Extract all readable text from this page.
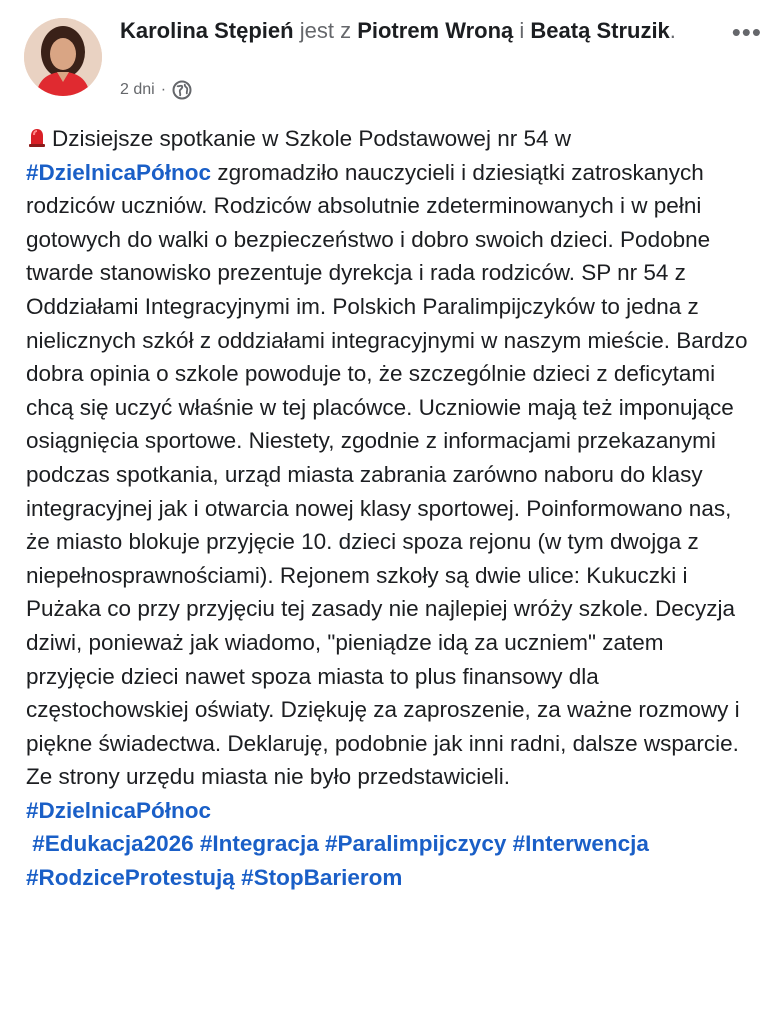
Karolina Stępień jest z Piotrem Wroną i Beatą Struzik.
2 dni ·
•••

Dzisiejsze spotkanie w Szkole Podstawowej nr 54 w #DzielnicaPółnoc zgromadziło nauczycieli i dziesiątki zatroskanych rodziców uczniów. Rodziców absolutnie zdeterminowanych i w pełni gotowych do walki o bezpieczeństwo i dobro swoich dzieci. Podobne twarde stanowisko prezentuje dyrekcja i rada rodziców. SP nr 54 z Oddziałami Integracyjnymi im. Polskich Paralimpijczyków to jedna z nielicznych szkół z oddziałami integracyjnymi w naszym mieście. Bardzo dobra opinia o szkole powoduje to, że szczególnie dzieci z deficytami chcą się uczyć właśnie w tej placówce. Uczniowie mają też imponujące osiągnięcia sportowe. Niestety, zgodnie z informacjami przekazanymi podczas spotkania, urząd miasta zabrania zarówno naboru do klasy integracyjnej jak i otwarcia nowej klasy sportowej. Poinformowano nas, że miasto blokuje przyjęcie 10. dzieci spoza rejonu (w tym dwojga z niepełnosprawnościami). Rejonem szkoły są dwie ulice: Kukuczki i Pużaka co przy przyjęciu tej zasady nie najlepiej wróży szkole. Decyzja dziwi, ponieważ jak wiadomo, "pieniądze idą za uczniem" zatem przyjęcie dzieci nawet spoza miasta to plus finansowy dla częstochowskiej oświaty. Dziękuję za zaproszenie, za ważne rozmowy i piękne świadectwa. Deklaruję, podobnie jak inni radni, dalsze wsparcie. Ze strony urzędu miasta nie było przedstawicieli.

#DzielnicaPółnoc

#Edukacja2026 #Integracja #Paralimpijczycy #Interwencja

#RodziceProtestują #StopBarierom
